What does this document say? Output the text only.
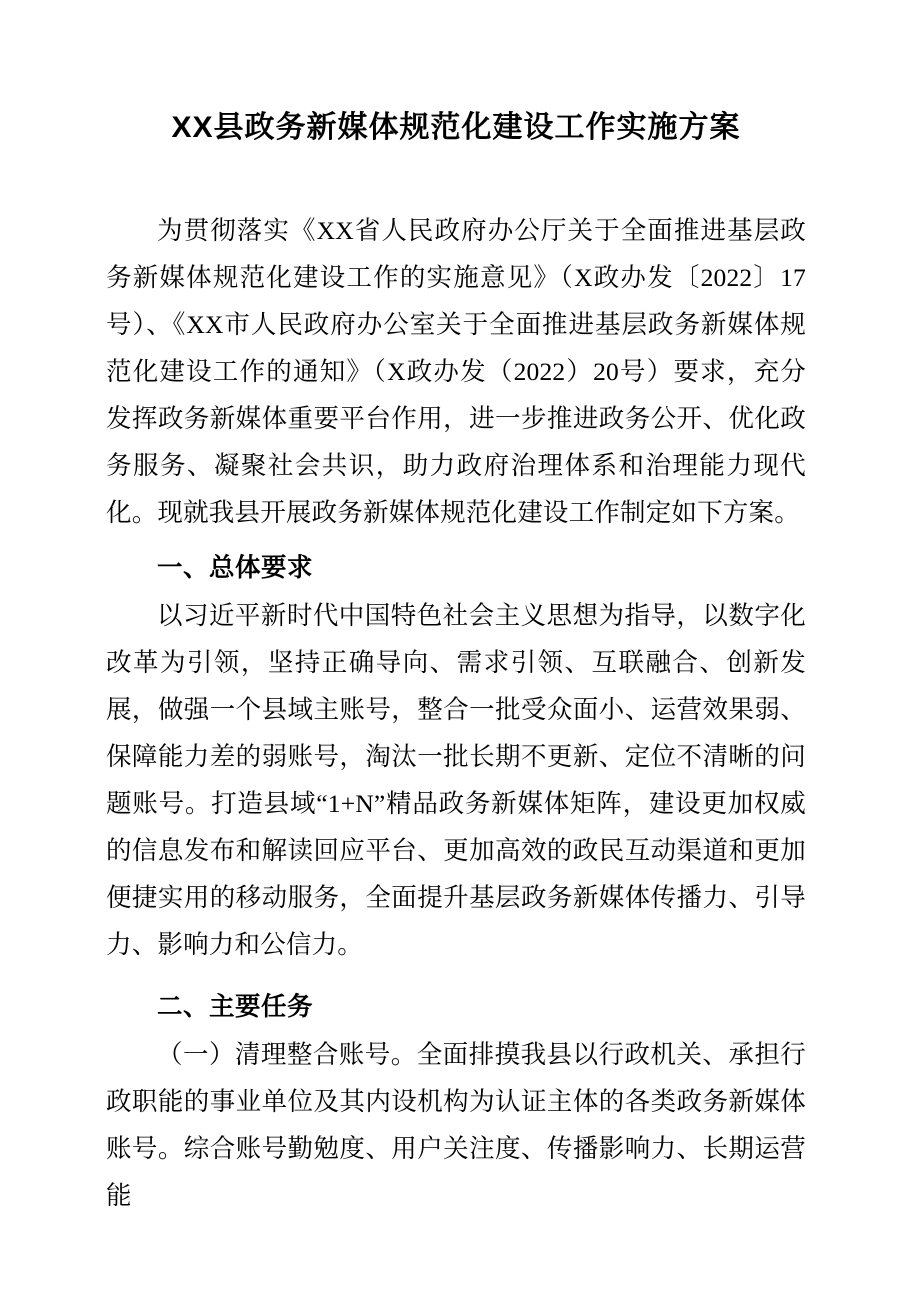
XX县政务新媒体规范化建设工作实施方案

为贯彻落实《XX省人民政府办公厅关于全面推进基层政务新媒体规范化建设工作的实施意见》（X政办发〔2022〕17号）、《XX市人民政府办公室关于全面推进基层政务新媒体规范化建设工作的通知》（X政办发（2022）20号）要求，充分发挥政务新媒体重要平台作用，进一步推进政务公开、优化政务服务、凝聚社会共识，助力政府治理体系和治理能力现代化。现就我县开展政务新媒体规范化建设工作制定如下方案。

一、总体要求

以习近平新时代中国特色社会主义思想为指导，以数字化改革为引领，坚持正确导向、需求引领、互联融合、创新发展，做强一个县域主账号，整合一批受众面小、运营效果弱、保障能力差的弱账号，淘汰一批长期不更新、定位不清晰的问题账号。打造县域“1+N”精品政务新媒体矩阵，建设更加权威的信息发布和解读回应平台、更加高效的政民互动渠道和更加便捷实用的移动服务，全面提升基层政务新媒体传播力、引导力、影响力和公信力。

二、主要任务

（一）清理整合账号。全面排摸我县以行政机关、承担行政职能的事业单位及其内设机构为认证主体的各类政务新媒体账号。综合账号勤勉度、用户关注度、传播影响力、长期运营能
